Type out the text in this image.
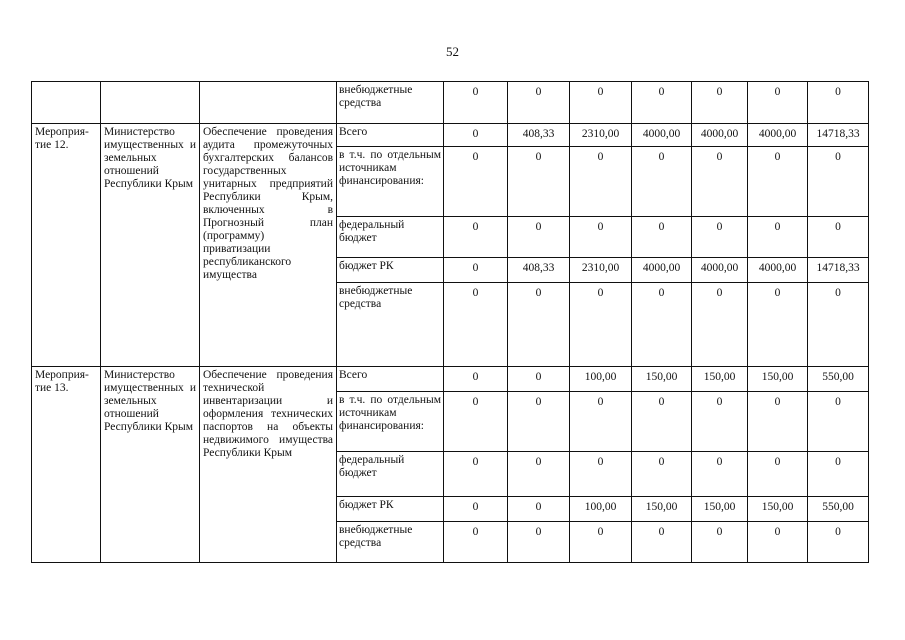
52
			внебюджетные средства	0	0	0	0	0	0	0
Мероприя-тие 12.	Министерство имущественных и земельных отношений Республики Крым	Обеспечение проведения аудита промежуточных бухгалтерских балансов государственных унитарных предприятий Республики Крым, включенных в Прогнозный план (программу) приватизации республиканского имущества	Всего	0	408,33	2310,00	4000,00	4000,00	4000,00	14718,33
			в т.ч. по отдельным источникам финансирования:	0	0	0	0	0	0	0
			федеральный бюджет	0	0	0	0	0	0	0
			бюджет РК	0	408,33	2310,00	4000,00	4000,00	4000,00	14718,33
			внебюджетные средства	0	0	0	0	0	0	0
Мероприя-тие 13.	Министерство имущественных и земельных отношений Республики Крым	Обеспечение проведения технической инвентаризации и оформления технических паспортов на объекты недвижимого имущества Республики Крым	Всего	0	0	100,00	150,00	150,00	150,00	550,00
			в т.ч. по отдельным источникам финансирования:	0	0	0	0	0	0	0
			федеральный бюджет	0	0	0	0	0	0	0
			бюджет РК	0	0	100,00	150,00	150,00	150,00	550,00
			внебюджетные средства	0	0	0	0	0	0	0
